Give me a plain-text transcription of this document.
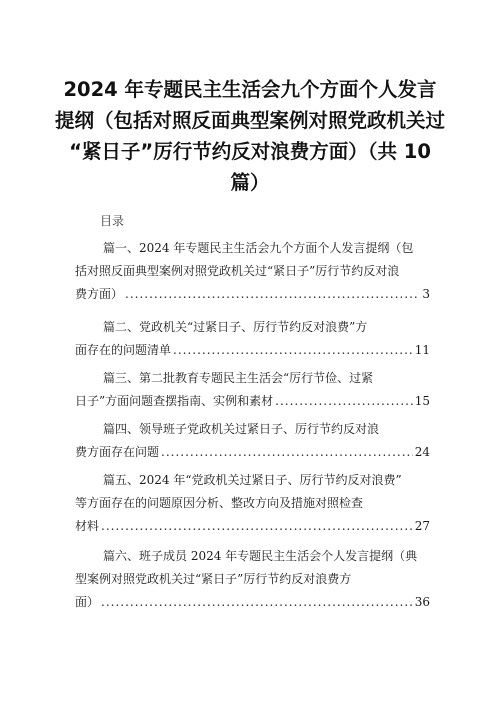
2024 年专题民主生活会九个方面个人发言
提纲（包括对照反面典型案例对照党政机关过
“紧日子”厉行节约反对浪费方面）（共 10
篇）
目录
篇一、2024 年专题民主生活会九个方面个人发言提纲（包
括对照反面典型案例对照党政机关过“紧日子”厉行节约反对浪
费方面） .....	3
篇二、党政机关“过紧日子、厉行节约反对浪费”方
面存在的问题清单 .....	11
篇三、第二批教育专题民主生活会“厉行节俭、过紧
日子”方面问题查摆指南、实例和素材 .....	15
篇四、领导班子党政机关过紧日子、厉行节约反对浪
费方面存在问题 .....	24
篇五、2024 年“党政机关过紧日子、厉行节约反对浪费”
等方面存在的问题原因分析、整改方向及措施对照检查
材料 .....	27
篇六、班子成员 2024 年专题民主生活会个人发言提纲（典
型案例对照党政机关过“紧日子”厉行节约反对浪费方
面） .....	36
